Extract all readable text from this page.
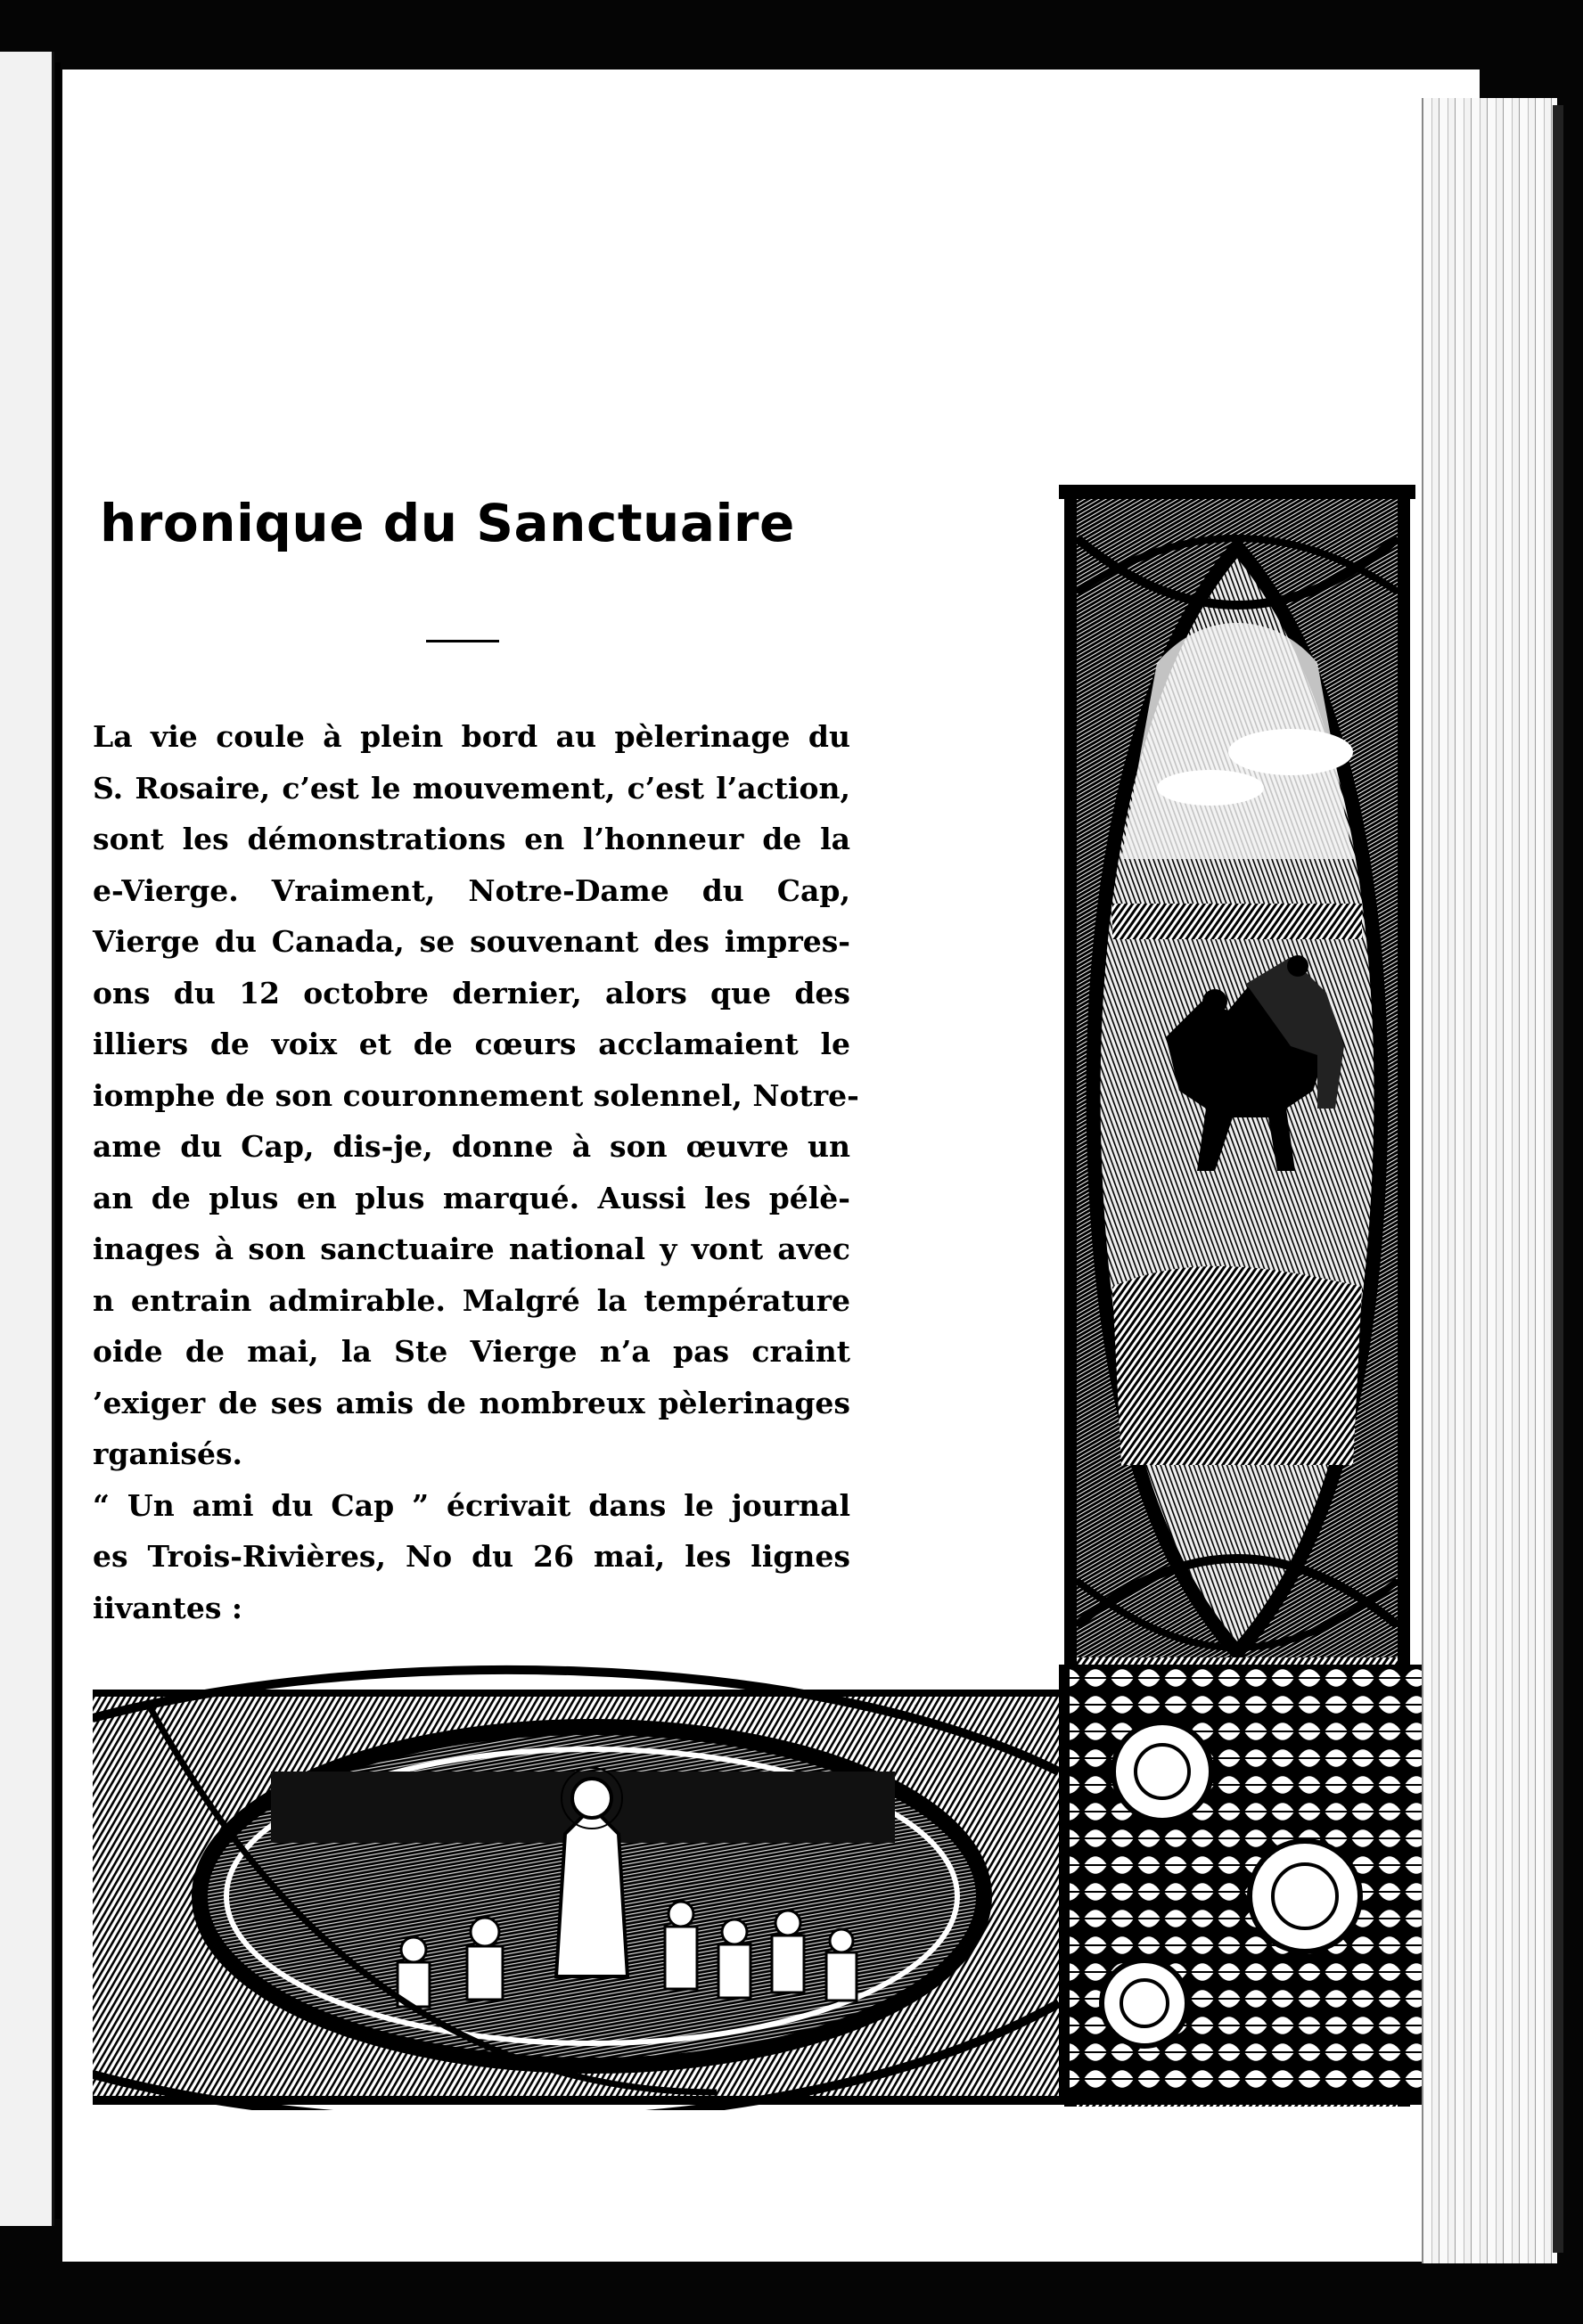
hronique du Sanctuaire
La vie coule à plein bord au pèlerinage du
S. Rosaire, c’est le mouvement, c’est l’action,
sont les démonstrations en l’honneur de la
e-Vierge. Vraiment, Notre-Dame du Cap,
Vierge du Canada, se souvenant des impres-
ons du 12 octobre dernier, alors que des
illiers de voix et de cœurs acclamaient le
iomphe de son couronnement solennel, Notre-
ame du Cap, dis-je, donne à son œuvre un
an de plus en plus marqué. Aussi les pélè-
inages à son sanctuaire national y vont avec
n entrain admirable. Malgré la température
oide de mai, la Ste Vierge n’a pas craint
’exiger de ses amis de nombreux pèlerinages
rganisés.
“ Un ami du Cap ” écrivait dans le journal
es Trois-Rivières, No du 26 mai, les lignes
iivantes :
